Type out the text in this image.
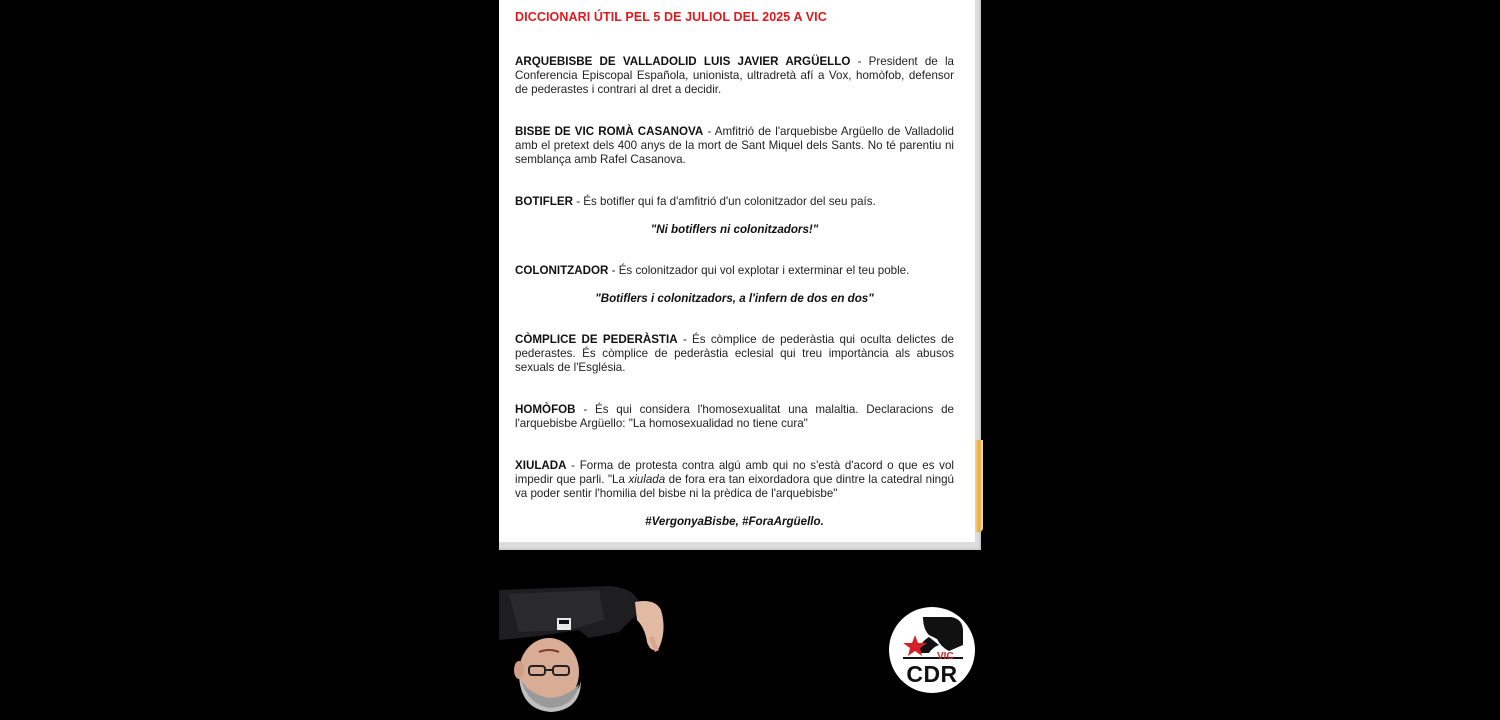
DICCIONARI ÚTIL PEL 5 DE JULIOL DEL 2025 A VIC

ARQUEBISBE DE VALLADOLID LUIS JAVIER ARGÜELLO - President de la Conferencia Episcopal Española, unionista, ultradretà afí a Vox, homòfob, defensor de pederastes i contrari al dret a decidir.

BISBE DE VIC ROMÀ CASANOVA - Amfitrió de l'arquebisbe Argüello de Valladolid amb el pretext dels 400 anys de la mort de Sant Miquel dels Sants. No té parentiu ni semblança amb Rafel Casanova.

BOTIFLER - És botifler qui fa d'amfitrió d'un colonitzador del seu país.

"Ni botiflers ni colonitzadors!"

COLONITZADOR - És colonitzador qui vol explotar i exterminar el teu poble.

"Botiflers i colonitzadors, a l'infern de dos en dos"

CÒMPLICE DE PEDERÀSTIA - És còmplice de pederàstia qui oculta delictes de pederastes. És còmplice de pederàstia eclesial qui treu importància als abusos sexuals de l'Església.

HOMÒFOB - És qui considera l'homosexualitat una malaltia. Declaracions de l'arquebisbe Argüello: "La homosexualidad no tiene cura"

XIULADA - Forma de protesta contra algú amb qui no s'està d'acord o que es vol impedir que parli. "La xiulada de fora era tan eixordadora que dintre la catedral ningú va poder sentir l'homilia del bisbe ni la prèdica de l'arquebisbe"

#VergonyaBisbe, #ForaArgüello.

VIC
CDR
